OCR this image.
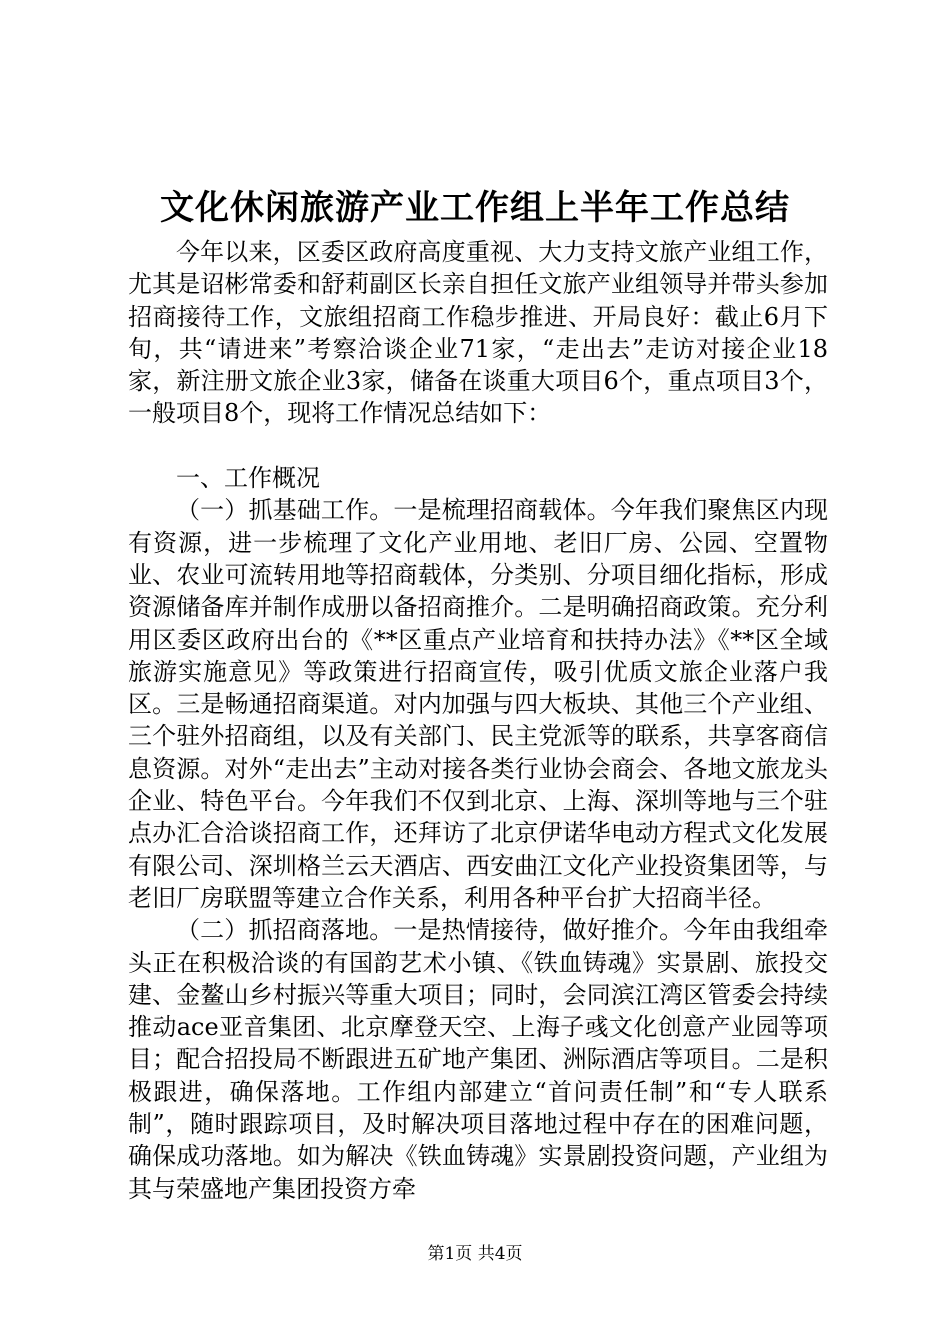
文化休闲旅游产业工作组上半年工作总结

今年以来，区委区政府高度重视、大力支持文旅产业组工作，尤其是诏彬常委和舒莉副区长亲自担任文旅产业组领导并带头参加招商接待工作，文旅组招商工作稳步推进、开局良好：截止6月下旬，共“请进来”考察洽谈企业71家，“走出去”走访对接企业18家，新注册文旅企业3家，储备在谈重大项目6个，重点项目3个，一般项目8个，现将工作情况总结如下：

一、工作概况

（一）抓基础工作。一是梳理招商载体。今年我们聚焦区内现有资源，进一步梳理了文化产业用地、老旧厂房、公园、空置物业、农业可流转用地等招商载体，分类别、分项目细化指标，形成资源储备库并制作成册以备招商推介。二是明确招商政策。充分利用区委区政府出台的《**区重点产业培育和扶持办法》《**区全域旅游实施意见》等政策进行招商宣传，吸引优质文旅企业落户我区。三是畅通招商渠道。对内加强与四大板块、其他三个产业组、三个驻外招商组，以及有关部门、民主党派等的联系，共享客商信息资源。对外“走出去”主动对接各类行业协会商会、各地文旅龙头企业、特色平台。今年我们不仅到北京、上海、深圳等地与三个驻点办汇合洽谈招商工作，还拜访了北京伊诺华电动方程式文化发展有限公司、深圳格兰云天酒店、西安曲江文化产业投资集团等，与老旧厂房联盟等建立合作关系，利用各种平台扩大招商半径。

（二）抓招商落地。一是热情接待，做好推介。今年由我组牵头正在积极洽谈的有国韵艺术小镇、《铁血铸魂》实景剧、旅投交建、金鳌山乡村振兴等重大项目；同时，会同滨江湾区管委会持续推动ace亚音集团、北京摩登天空、上海子彧文化创意产业园等项目；配合招投局不断跟进五矿地产集团、洲际酒店等项目。二是积极跟进，确保落地。工作组内部建立“首问责任制”和“专人联系制”，随时跟踪项目，及时解决项目落地过程中存在的困难问题，确保成功落地。如为解决《铁血铸魂》实景剧投资问题，产业组为其与荣盛地产集团投资方牵

第1页 共4页
